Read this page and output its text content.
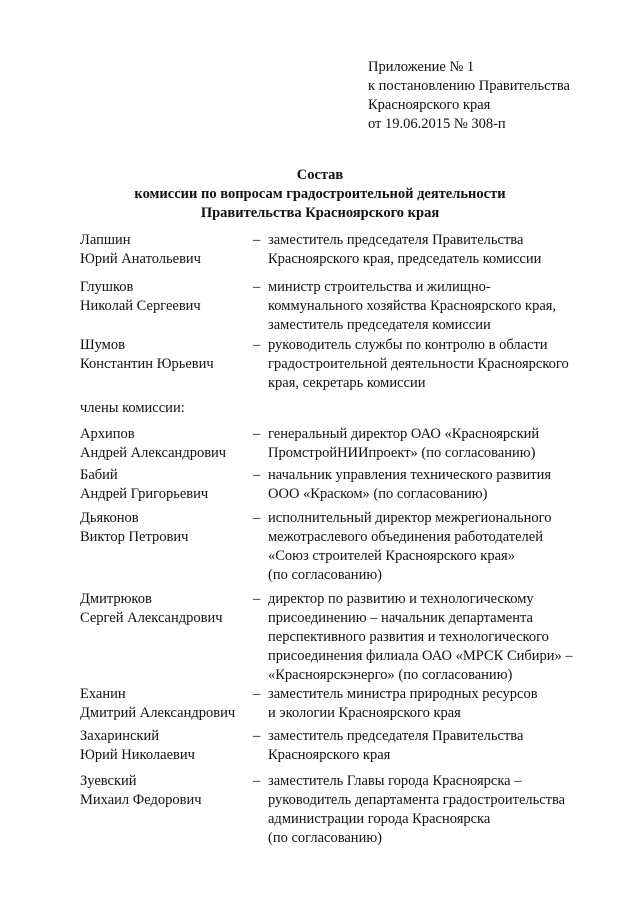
Приложение № 1
к постановлению Правительства
Красноярского края
от 19.06.2015 № 308-п
Состав
комиссии по вопросам градостроительной деятельности
Правительства Красноярского края
Лапшин
Юрий Анатольевич
– заместитель председателя Правительства
Красноярского края, председатель комиссии
Глушков
Николай Сергеевич
– министр строительства и жилищно-
коммунального хозяйства Красноярского края,
заместитель председателя комиссии
Шумов
Константин Юрьевич
– руководитель службы по контролю в области
градостроительной деятельности Красноярского
края, секретарь комиссии
члены комиссии:
Архипов
Андрей Александрович
– генеральный директор ОАО «Красноярский
ПромстройНИИпроект» (по согласованию)
Бабий
Андрей Григорьевич
– начальник управления технического развития
ООО «Краском» (по согласованию)
Дьяконов
Виктор Петрович
– исполнительный директор межрегионального
межотраслевого объединения работодателей
«Союз строителей Красноярского края»
(по согласованию)
Дмитрюков
Сергей Александрович
– директор по развитию и технологическому
присоединению – начальник департамента
перспективного развития и технологического
присоединения филиала ОАО «МРСК Сибири» –
«Красноярскэнерго» (по согласованию)
Еханин
Дмитрий Александрович
– заместитель министра природных ресурсов
и экологии Красноярского края
Захаринский
Юрий Николаевич
– заместитель председателя Правительства
Красноярского края
Зуевский
Михаил Федорович
– заместитель Главы города Красноярска –
руководитель департамента градостроительства
администрации города Красноярска
(по согласованию)
